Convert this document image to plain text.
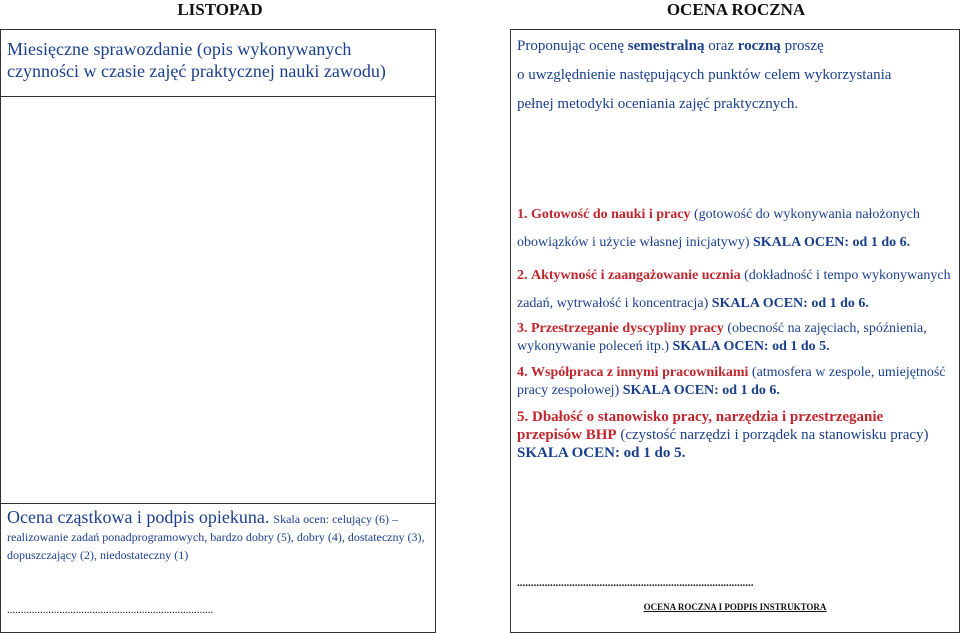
LISTOPAD
Miesięczne sprawozdanie (opis wykonywanych czynności w czasie zajęć praktycznej nauki zawodu)
Ocena cząstkowa i podpis opiekuna. Skala ocen: celujący (6) – realizowanie zadań ponadprogramowych, bardzo dobry (5), dobry (4), dostateczny (3), dopuszczający (2), niedostateczny (1)
...........................................................................
OCENA ROCZNA
Proponując ocenę semestralną oraz roczną proszę
o uwzględnienie następujących punktów celem wykorzystania
pełnej metodyki oceniania zajęć praktycznych.
1. Gotowość do nauki i pracy (gotowość do wykonywania nałożonych obowiązków i użycie własnej inicjatywy) SKALA OCEN: od 1 do 6.
2. Aktywność i zaangażowanie ucznia (dokładność i tempo wykonywanych zadań, wytrwałość i koncentracja) SKALA OCEN: od 1 do 6.
3. Przestrzeganie dyscypliny pracy (obecność na zajęciach, spóźnienia, wykonywanie poleceń itp.) SKALA OCEN: od 1 do 5.
4. Współpraca z innymi pracownikami (atmosfera w zespole, umiejętność pracy zespołowej) SKALA OCEN: od 1 do 6.
5. Dbałość o stanowisko pracy, narzędzia i przestrzeganie przepisów BHP (czystość narzędzi i porządek na stanowisku pracy) SKALA OCEN: od 1 do 5.
......................................................................................
OCENA ROCZNA I PODPIS INSTRUKTORA
